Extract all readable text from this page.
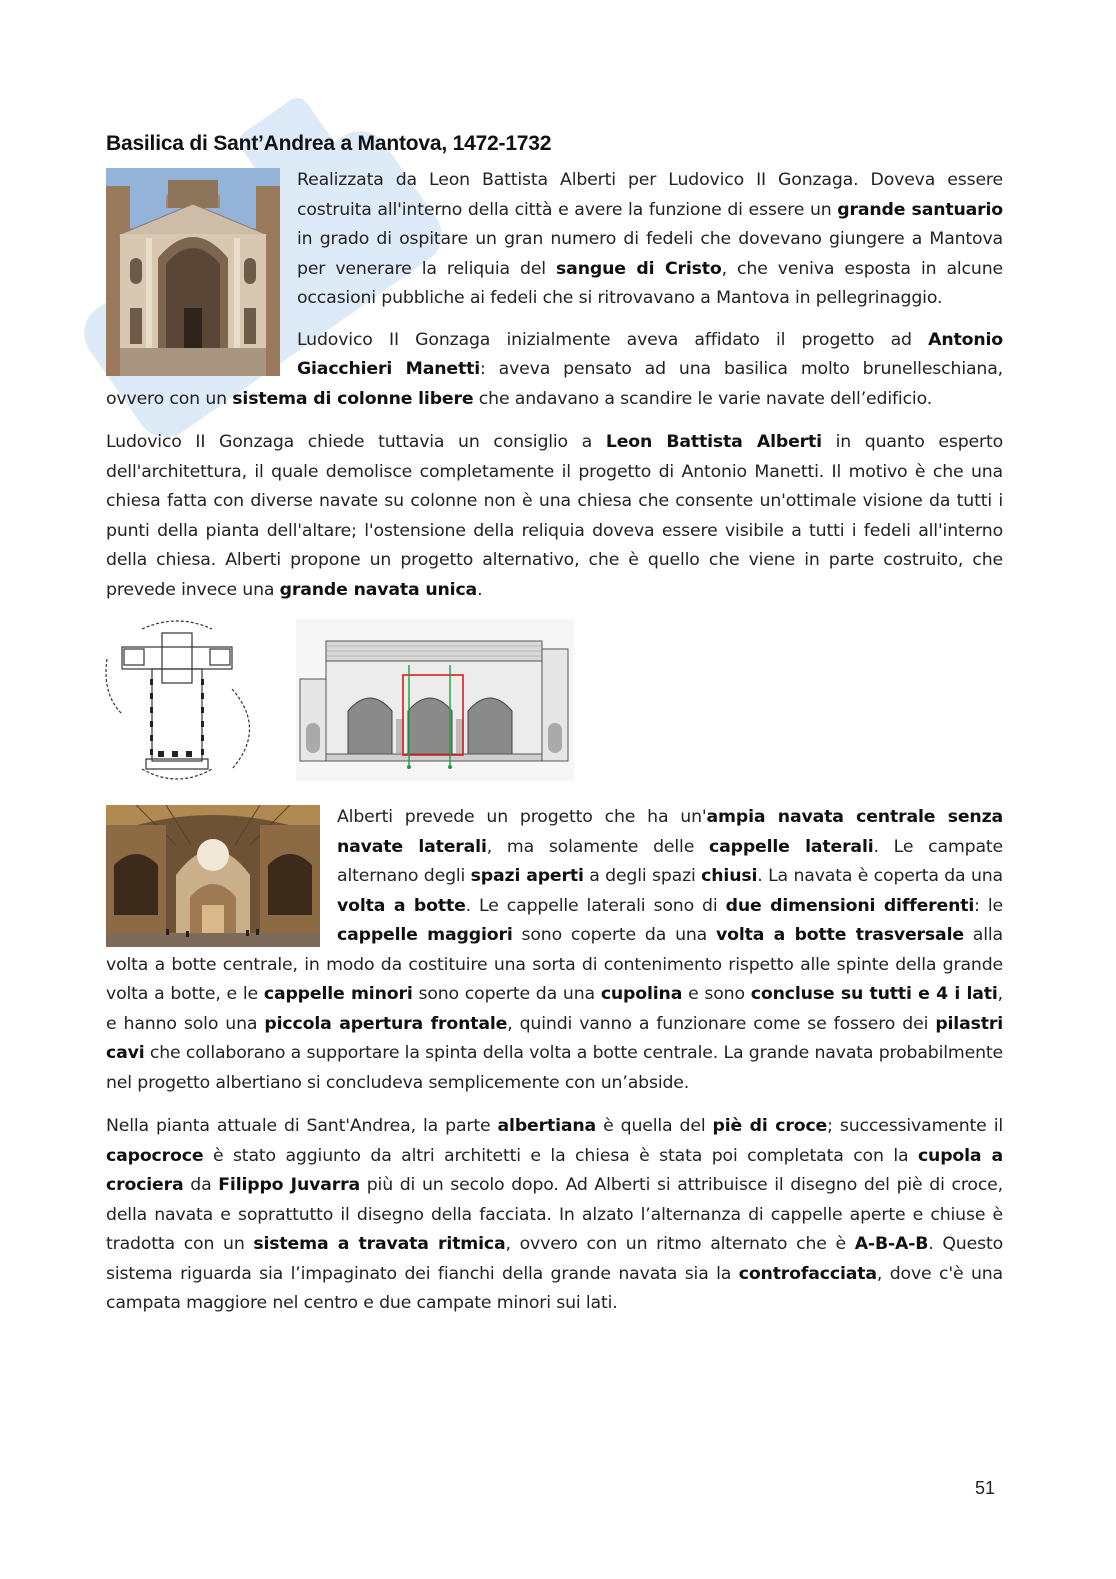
Basilica di Sant’Andrea a Mantova, 1472-1732

Realizzata da Leon Battista Alberti per Ludovico II Gonzaga. Doveva essere costruita all'interno della città e avere la funzione di essere un grande santuario in grado di ospitare un gran numero di fedeli che dovevano giungere a Mantova per venerare la reliquia del sangue di Cristo, che veniva esposta in alcune occasioni pubbliche ai fedeli che si ritrovavano a Mantova in pellegrinaggio.

Ludovico II Gonzaga inizialmente aveva affidato il progetto ad Antonio Giacchieri Manetti: aveva pensato ad una basilica molto brunelleschiana, ovvero con un sistema di colonne libere che andavano a scandire le varie navate dell’edificio.

Ludovico II Gonzaga chiede tuttavia un consiglio a Leon Battista Alberti in quanto esperto dell'architettura, il quale demolisce completamente il progetto di Antonio Manetti. Il motivo è che una chiesa fatta con diverse navate su colonne non è una chiesa che consente un'ottimale visione da tutti i punti della pianta dell'altare; l'ostensione della reliquia doveva essere visibile a tutti i fedeli all'interno della chiesa. Alberti propone un progetto alternativo, che è quello che viene in parte costruito, che prevede invece una grande navata unica.

Alberti prevede un progetto che ha un'ampia navata centrale senza navate laterali, ma solamente delle cappelle laterali. Le campate alternano degli spazi aperti a degli spazi chiusi. La navata è coperta da una volta a botte. Le cappelle laterali sono di due dimensioni differenti: le cappelle maggiori sono coperte da una volta a botte trasversale alla volta a botte centrale, in modo da costituire una sorta di contenimento rispetto alle spinte della grande volta a botte, e le cappelle minori sono coperte da una cupolina e sono concluse su tutti e 4 i lati, e hanno solo una piccola apertura frontale, quindi vanno a funzionare come se fossero dei pilastri cavi che collaborano a supportare la spinta della volta a botte centrale. La grande navata probabilmente nel progetto albertiano si concludeva semplicemente con un’abside.

Nella pianta attuale di Sant'Andrea, la parte albertiana è quella del piè di croce; successivamente il capocroce è stato aggiunto da altri architetti e la chiesa è stata poi completata con la cupola a crociera da Filippo Juvarra più di un secolo dopo. Ad Alberti si attribuisce il disegno del piè di croce, della navata e soprattutto il disegno della facciata. In alzato l’alternanza di cappelle aperte e chiuse è tradotta con un sistema a travata ritmica, ovvero con un ritmo alternato che è A-B-A-B. Questo sistema riguarda sia l’impaginato dei fianchi della grande navata sia la controfacciata, dove c'è una campata maggiore nel centro e due campate minori sui lati.

51
